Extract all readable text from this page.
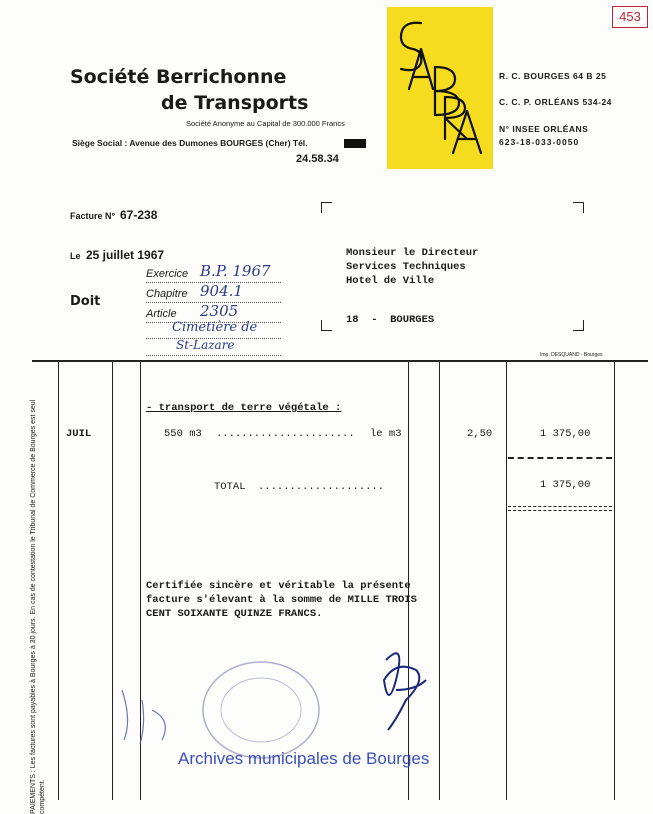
453
Société Berrichonne
de Transports
Société Anonyme au Capital de 300.000 Francs
Siège Social : Avenue des Dumones BOURGES (Cher) Tél.
24.58.34
R. C. BOURGES 64 B 25
C. C. P. ORLÉANS 534-24
N° INSEE ORLÉANS
623-18-033-0050
Facture N° 67-238
Le 25 juillet 1967
Exercice B.P. 1967
Doit	Chapitre 904.1
Article 2305
Cimetière de
St-Lazare
Monsieur le Directeur
Services Techniques
Hotel de Ville
18  -  BOURGES
Imp. DESQUAND - Bourges
PAIEMENTS : Les factures sont payables à Bourges à 30 jours. En cas de contestation le Tribunal de Commerce de Bourges est seul compétent.
- transport de terre végétale :
JUIL	550 m3 ...................... le m3	2,50	1 375,00
TOTAL ....................	1 375,00
Certifiée sincère et véritable la présente
facture s'élevant à la somme de MILLE TROIS
CENT SOIXANTE QUINZE FRANCS.
Archives municipales de Bourges
